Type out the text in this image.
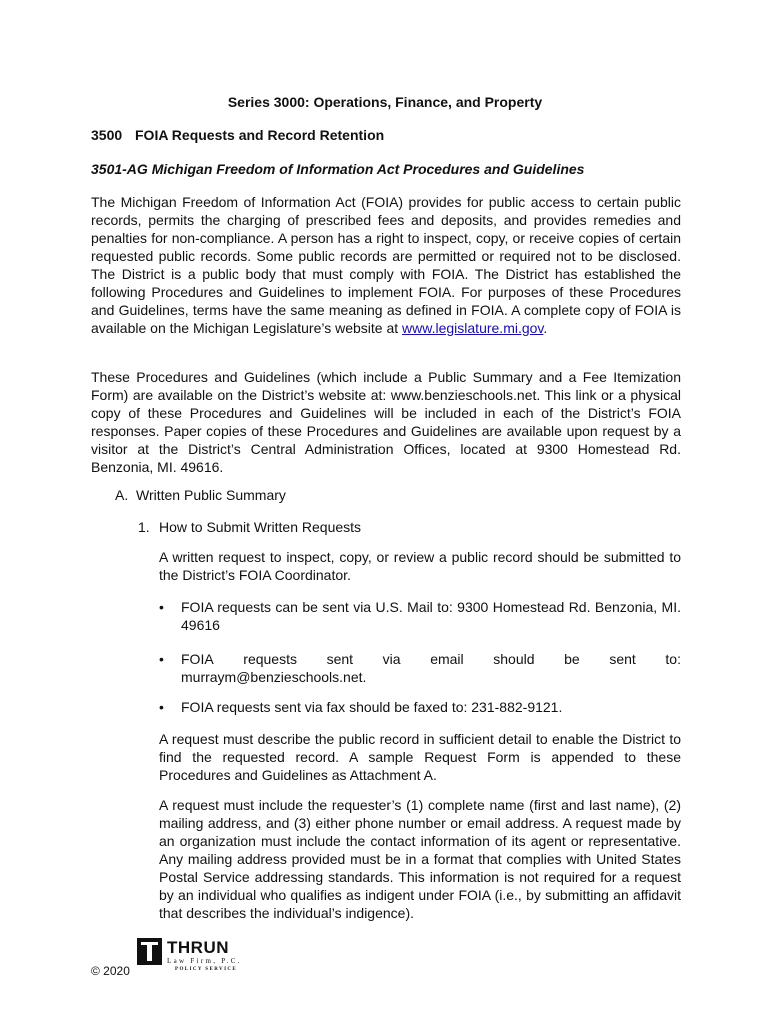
Series 3000: Operations, Finance, and Property
3500 FOIA Requests and Record Retention
3501-AG Michigan Freedom of Information Act Procedures and Guidelines
The Michigan Freedom of Information Act (FOIA) provides for public access to certain public records, permits the charging of prescribed fees and deposits, and provides remedies and penalties for non-compliance. A person has a right to inspect, copy, or receive copies of certain requested public records. Some public records are permitted or required not to be disclosed. The District is a public body that must comply with FOIA. The District has established the following Procedures and Guidelines to implement FOIA. For purposes of these Procedures and Guidelines, terms have the same meaning as defined in FOIA. A complete copy of FOIA is available on the Michigan Legislature’s website at www.legislature.mi.gov.
These Procedures and Guidelines (which include a Public Summary and a Fee Itemization Form) are available on the District’s website at: www.benzieschools.net. This link or a physical copy of these Procedures and Guidelines will be included in each of the District’s FOIA responses. Paper copies of these Procedures and Guidelines are available upon request by a visitor at the District’s Central Administration Offices, located at 9300 Homestead Rd. Benzonia, MI. 49616.
A. Written Public Summary
1. How to Submit Written Requests
A written request to inspect, copy, or review a public record should be submitted to the District’s FOIA Coordinator.
•	FOIA requests can be sent via U.S. Mail to: 9300 Homestead Rd. Benzonia, MI. 49616
•	FOIA requests sent via email should be sent to:
murraym@benzieschools.net.
•	FOIA requests sent via fax should be faxed to: 231-882-9121.
A request must describe the public record in sufficient detail to enable the District to find the requested record. A sample Request Form is appended to these Procedures and Guidelines as Attachment A.
A request must include the requester’s (1) complete name (first and last name), (2) mailing address, and (3) either phone number or email address. A request made by an organization must include the contact information of its agent or representative. Any mailing address provided must be in a format that complies with United States Postal Service addressing standards. This information is not required for a request by an individual who qualifies as indigent under FOIA (i.e., by submitting an affidavit that describes the individual’s indigence).
© 2020
THRUN
Law Firm, P.C.
POLICY SERVICE
